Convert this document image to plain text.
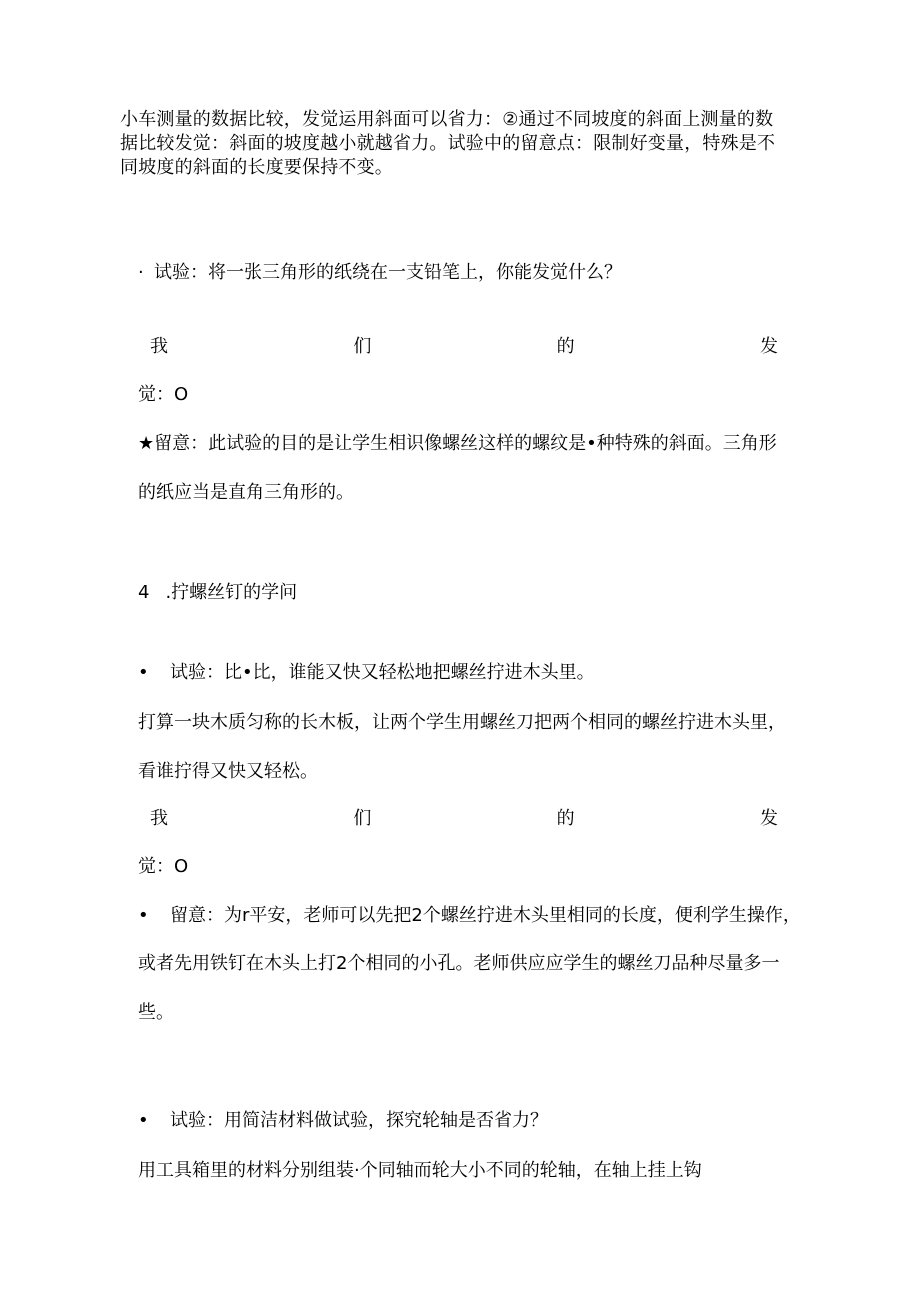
小车测量的数据比较，发觉运用斜面可以省力：②通过不同坡度的斜面上测量的数
据比较发觉：斜面的坡度越小就越省力。试验中的留意点：限制好变量，特殊是不
同坡度的斜面的长度要保持不变。
· 试验：将一张三角形的纸绕在一支铅笔上，你能发觉什么？
我	们	的	发
觉：O
★留意：此试验的目的是让学生相识像螺丝这样的螺纹是•种特殊的斜面。三角形
的纸应当是直角三角形的。
4 .拧螺丝钉的学问
• 试验：比•比，谁能又快又轻松地把螺丝拧进木头里。
打算一块木质匀称的长木板，让两个学生用螺丝刀把两个相同的螺丝拧进木头里，
看谁拧得又快又轻松。
我	们	的	发
觉：O
• 留意：为r平安，老师可以先把2个螺丝拧进木头里相同的长度，便利学生操作，
或者先用铁钉在木头上打2个相同的小孔。老师供应应学生的螺丝刀品种尽量多一
些。
• 试验：用简洁材料做试验，探究轮轴是否省力？
用工具箱里的材料分别组装·个同轴而轮大小不同的轮轴，在轴上挂上钩
